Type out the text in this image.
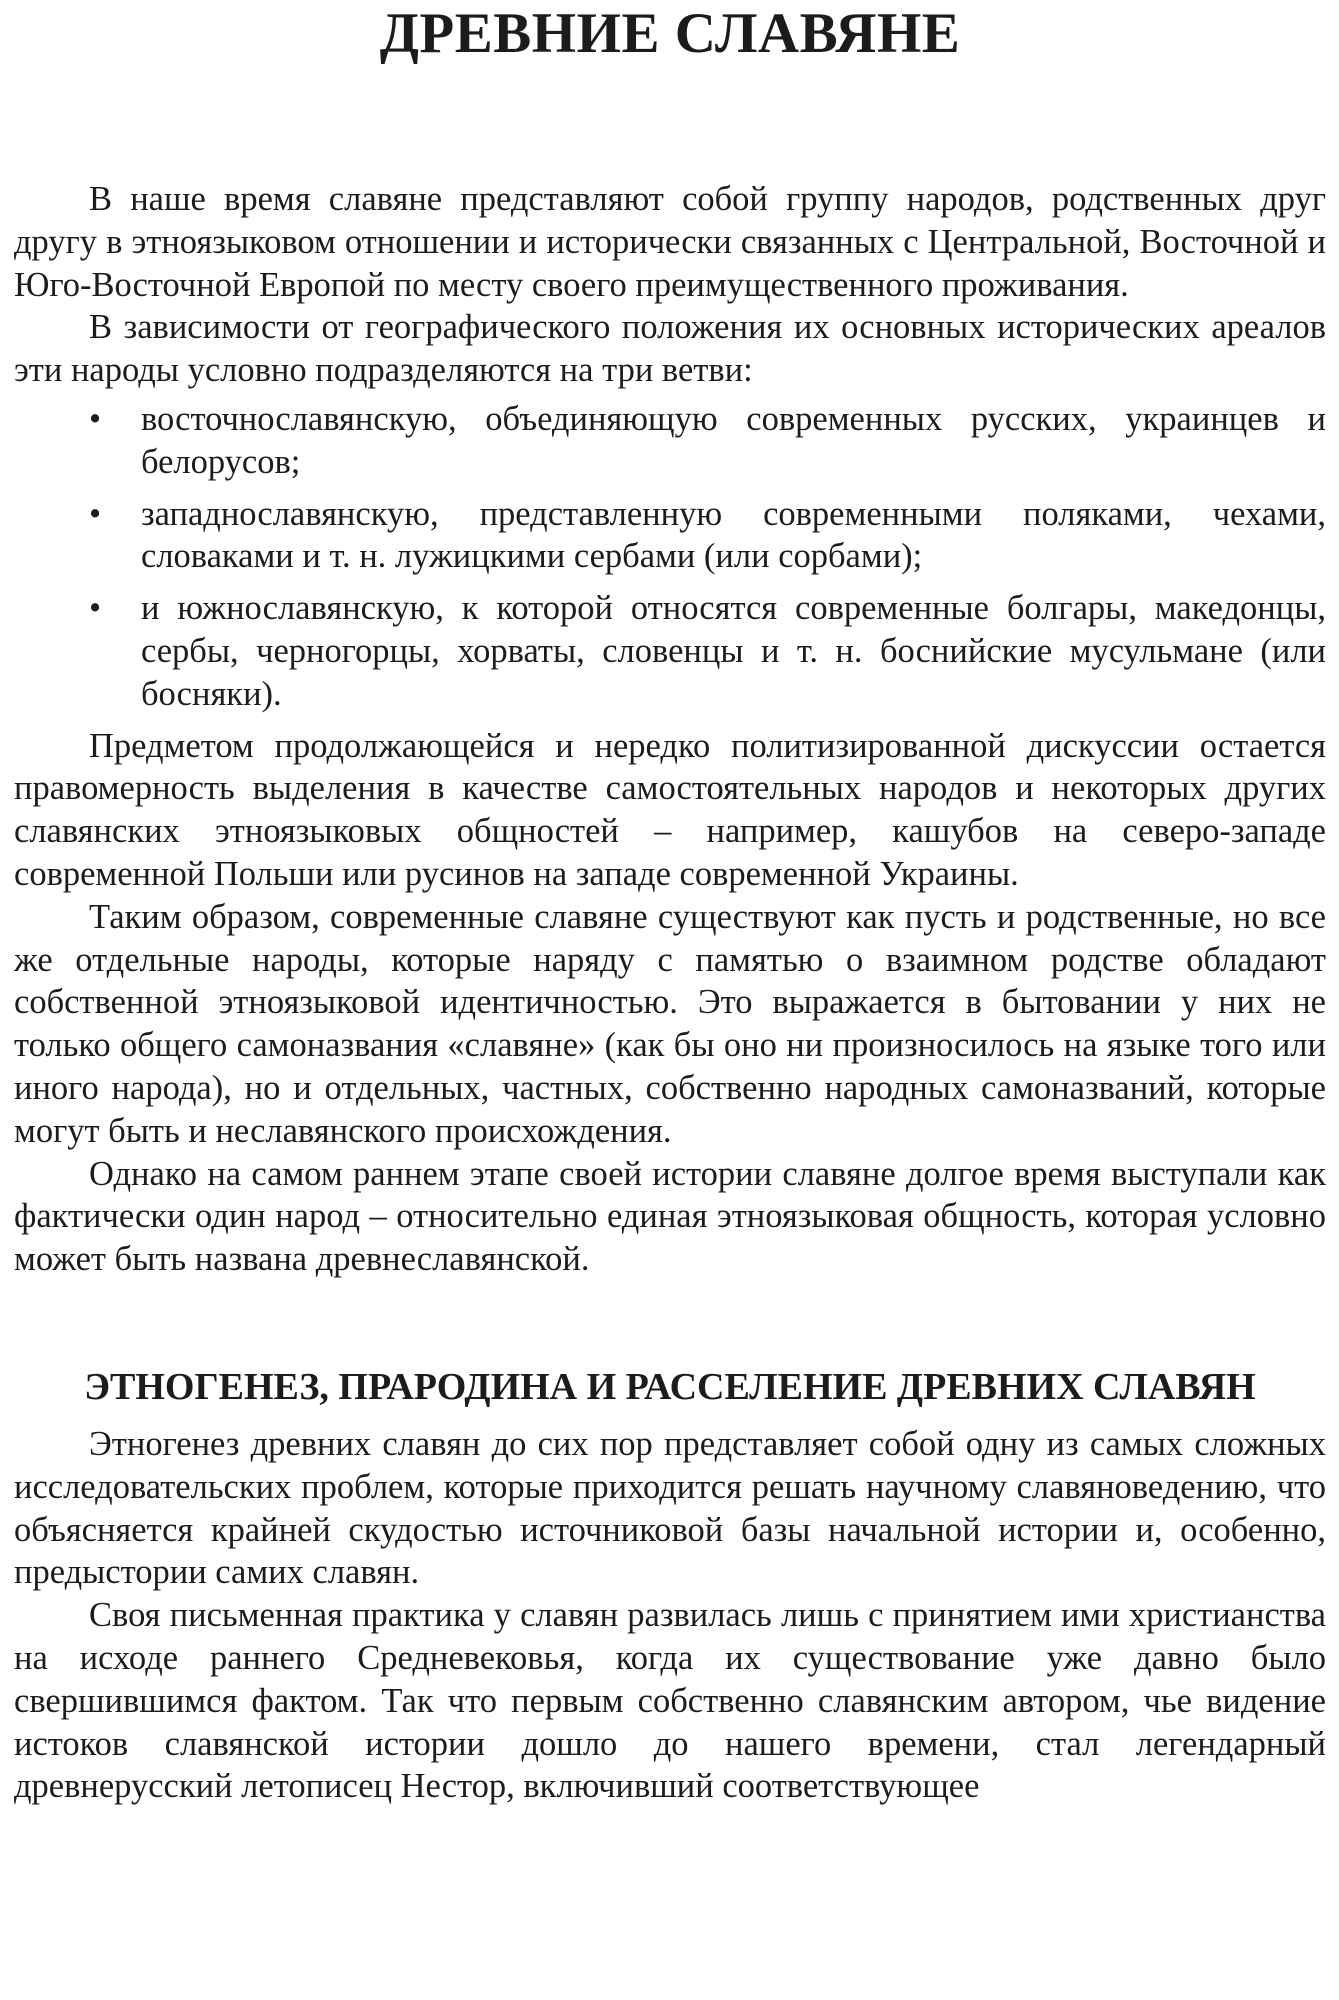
ДРЕВНИЕ СЛАВЯНЕ

В наше время славяне представляют собой группу народов, родственных друг другу в этноязыковом отношении и исторически связанных с Центральной, Восточной и Юго-Восточной Европой по месту своего преимущественного проживания.

В зависимости от географического положения их основных исторических ареалов эти народы условно подразделяются на три ветви:

• восточнославянскую, объединяющую современных русских, украинцев и белорусов;
• западнославянскую, представленную современными поляками, чехами, словаками и т. н. лужицкими сербами (или сорбами);
• и южнославянскую, к которой относятся современные болгары, македонцы, сербы, черногорцы, хорваты, словенцы и т. н. боснийские мусульмане (или босняки).

Предметом продолжающейся и нередко политизированной дискуссии остается правомерность выделения в качестве самостоятельных народов и некоторых других славянских этноязыковых общностей – например, кашубов на северо-западе современной Польши или русинов на западе современной Украины.

Таким образом, современные славяне существуют как пусть и родственные, но все же отдельные народы, которые наряду с памятью о взаимном родстве обладают собственной этноязыковой идентичностью. Это выражается в бытовании у них не только общего самоназвания «славяне» (как бы оно ни произносилось на языке того или иного народа), но и отдельных, частных, собственно народных самоназваний, которые могут быть и неславянского происхождения.

Однако на самом раннем этапе своей истории славяне долгое время выступали как фактически один народ – относительно единая этноязыковая общность, которая условно может быть названа древнеславянской.

ЭТНОГЕНЕЗ, ПРАРОДИНА И РАССЕЛЕНИЕ ДРЕВНИХ СЛАВЯН

Этногенез древних славян до сих пор представляет собой одну из самых сложных исследовательских проблем, которые приходится решать научному славяноведению, что объясняется крайней скудостью источниковой базы начальной истории и, особенно, предыстории самих славян.

Своя письменная практика у славян развилась лишь с принятием ими христианства на исходе раннего Средневековья, когда их существование уже давно было свершившимся фактом. Так что первым собственно славянским автором, чье видение истоков славянской истории дошло до нашего времени, стал легендарный древнерусский летописец Нестор, включивший соответствующее
